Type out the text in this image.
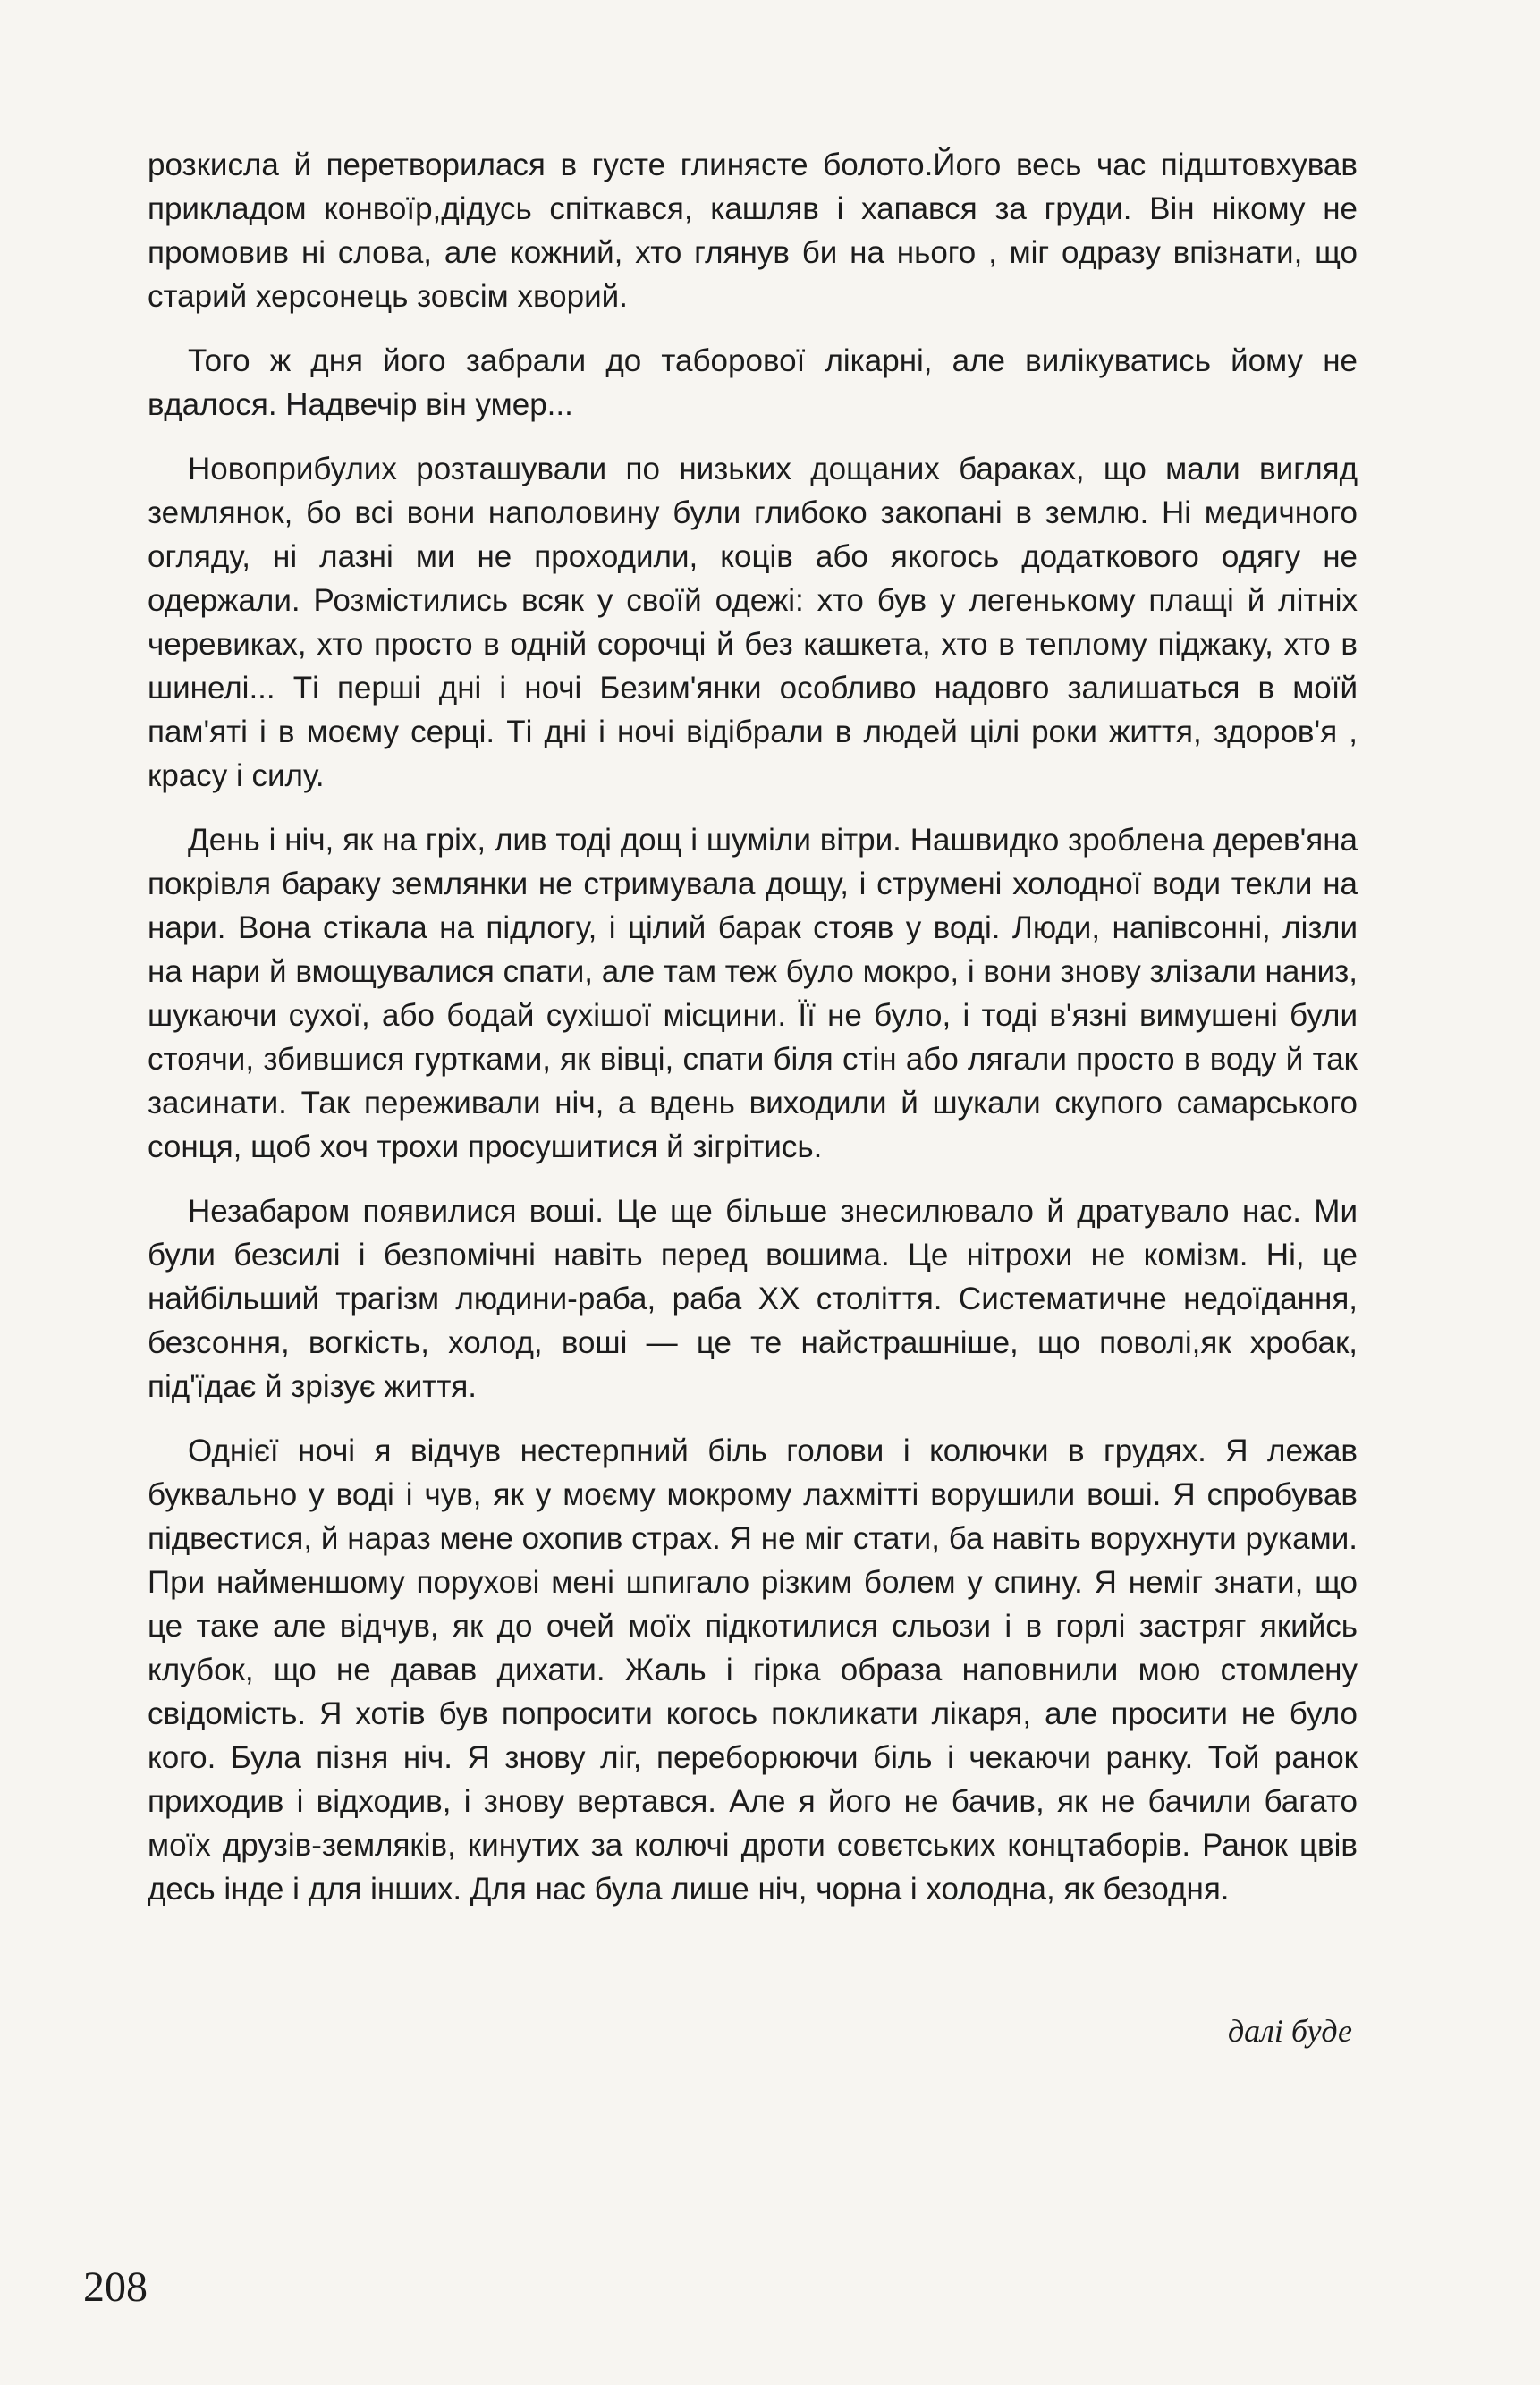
розкисла й перетворилася в густе глинясте болото.Його весь час підштовхував прикладом конвоїр,дідусь спіткався, кашляв і хапався за груди. Він нікому не промовив ні слова, але кожний, хто глянув би на нього , міг одразу впізнати, що старий херсонець зовсім хворий.

Того ж дня його забрали до таборової лікарні, але вилікуватись йому не вдалося. Надвечір він умер...

Новоприбулих розташували по низьких дощаних бараках, що мали вигляд землянок, бо всі вони наполовину були глибоко закопані в землю. Ні медичного огляду, ні лазні ми не проходили, коців або якогось додаткового одягу не одержали. Розмістились всяк у своїй одежі: хто був у легенькому плащі й літніх черевиках, хто просто в одній сорочці й без кашкета, хто в теплому піджаку, хто в шинелі... Ті перші дні і ночі Безим'янки особливо надовго залишаться в моїй пам'яті і в моєму серці. Ті дні і ночі відібрали в людей цілі роки життя, здоров'я , красу і силу.

День і ніч, як на гріх, лив тоді дощ і шуміли вітри. Нашвидко зроблена дерев'яна покрівля бараку землянки не стримувала дощу, і струмені холодної води текли на нари. Вона стікала на підлогу, і цілий барак стояв у воді. Люди, напівсонні, лізли на нари й вмощувалися спати, але там теж було мокро, і вони знову злізали наниз, шукаючи сухої, або бодай сухішої місцини. Її не було, і тоді в'язні вимушені були стоячи, збившися гуртками, як вівці, спати біля стін або лягали просто в воду й так засинати. Так переживали ніч, а вдень виходили й шукали скупого самарського сонця, щоб хоч трохи просушитися й зігрітись.

Незабаром появилися воші. Це ще більше знесилювало й дратувало нас. Ми були безсилі і безпомічні навіть перед вошима. Це нітрохи не комізм. Ні, це найбільший трагізм людини-раба, раба XX століття. Систематичне недоїдання, безсоння, вогкість, холод, воші — це те найстрашніше, що поволі,як хробак, під'їдає й зрізує життя.

Однієї ночі я відчув нестерпний біль голови і колючки в грудях. Я лежав буквально у воді і чув, як у моєму мокрому лахмітті ворушили воші. Я спробував підвестися, й нараз мене охопив страх. Я не міг стати, ба навіть ворухнути руками. При найменшому порухові мені шпигало різким болем у спину. Я неміг знати, що це таке але відчув, як до очей моїх підкотилися сльози і в горлі застряг якийсь клубок, що не давав дихати. Жаль і гірка образа наповнили мою стомлену свідомість. Я хотів був попросити когось покликати лікаря, але просити не було кого. Була пізня ніч. Я знову ліг, переборюючи біль і чекаючи ранку. Той ранок приходив і відходив, і знову вертався. Але я його не бачив, як не бачили багато моїх друзів-земляків, кинутих за колючі дроти совєтських концтаборів. Ранок цвів десь інде і для інших. Для нас була лише ніч, чорна і холодна, як безодня.

далі буде
208
